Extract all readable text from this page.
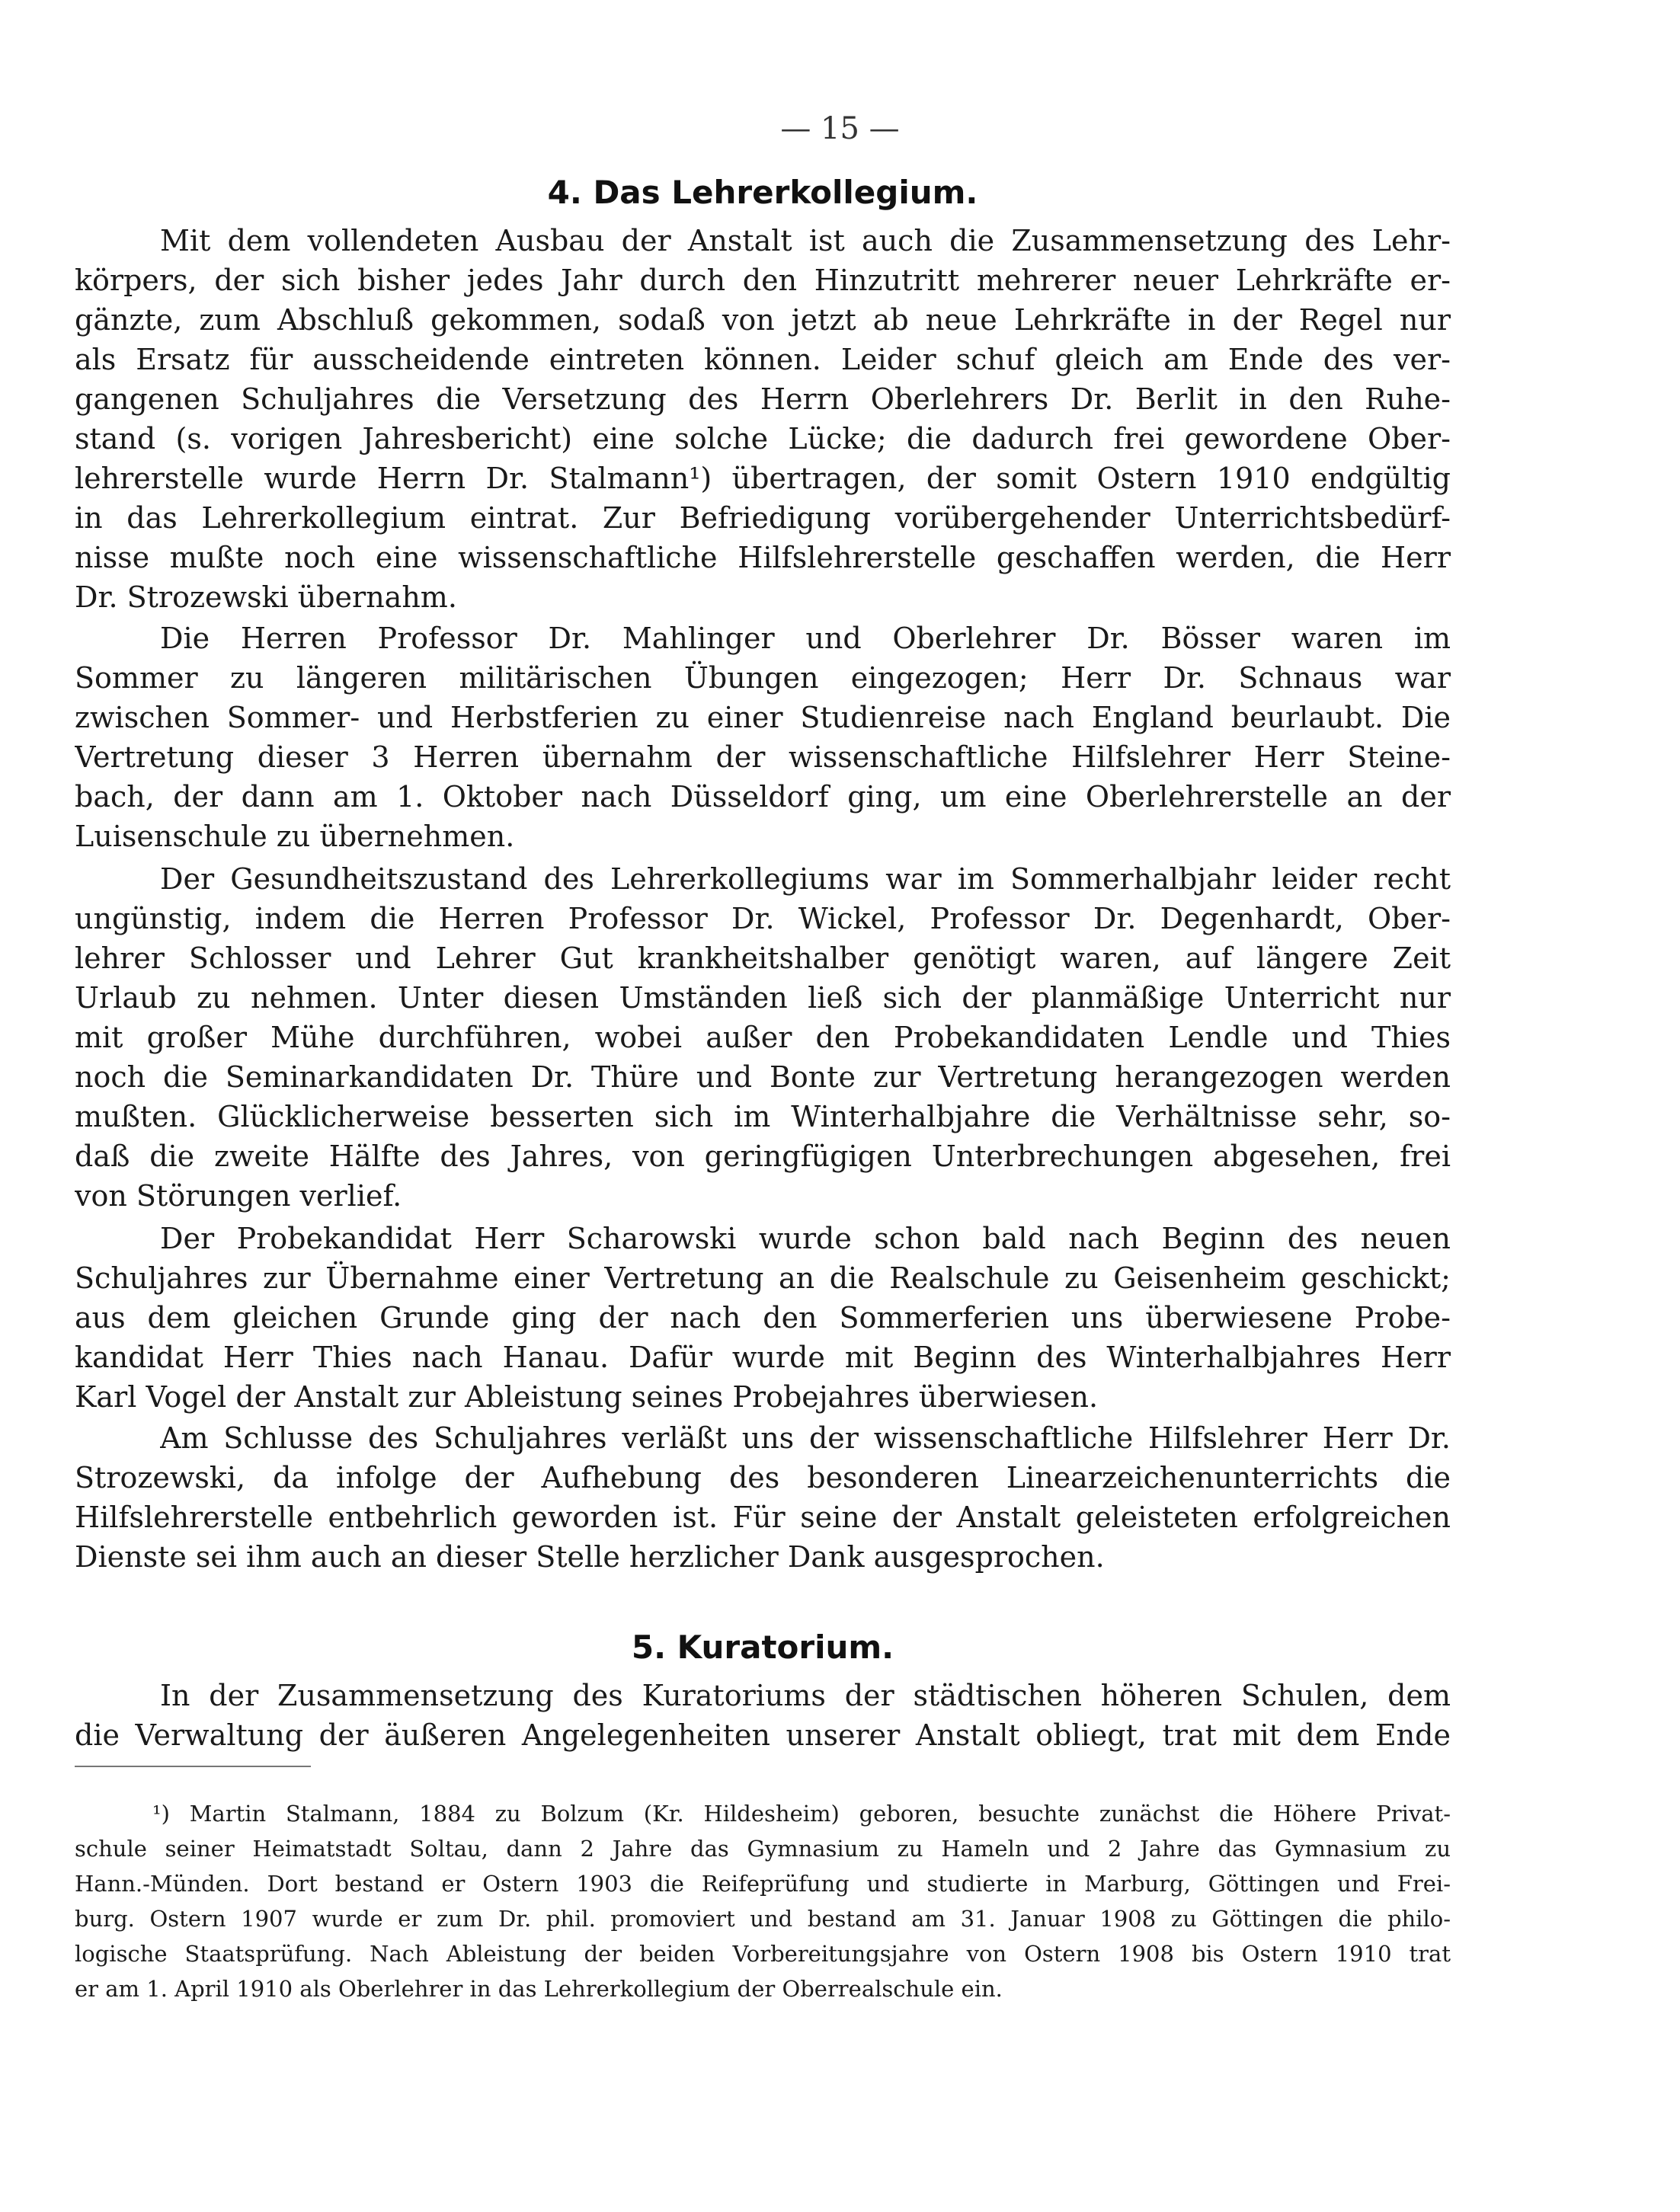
— 15 —
4. Das Lehrerkollegium.
Mit dem vollendeten Ausbau der Anstalt ist auch die Zusammensetzung des Lehr-
körpers, der sich bisher jedes Jahr durch den Hinzutritt mehrerer neuer Lehrkräfte er-
gänzte, zum Abschluß gekommen, sodaß von jetzt ab neue Lehrkräfte in der Regel nur
als Ersatz für ausscheidende eintreten können. Leider schuf gleich am Ende des ver-
gangenen Schuljahres die Versetzung des Herrn Oberlehrers Dr. Berlit in den Ruhe-
stand (s. vorigen Jahresbericht) eine solche Lücke; die dadurch frei gewordene Ober-
lehrerstelle wurde Herrn Dr. Stalmann¹) übertragen, der somit Ostern 1910 endgültig
in das Lehrerkollegium eintrat. Zur Befriedigung vorübergehender Unterrichtsbedürf-
nisse mußte noch eine wissenschaftliche Hilfslehrerstelle geschaffen werden, die Herr
Dr. Strozewski übernahm.
Die Herren Professor Dr. Mahlinger und Oberlehrer Dr. Bösser waren im
Sommer zu längeren militärischen Übungen eingezogen; Herr Dr. Schnaus war
zwischen Sommer- und Herbstferien zu einer Studienreise nach England beurlaubt. Die
Vertretung dieser 3 Herren übernahm der wissenschaftliche Hilfslehrer Herr Steine-
bach, der dann am 1. Oktober nach Düsseldorf ging, um eine Oberlehrerstelle an der
Luisenschule zu übernehmen.
Der Gesundheitszustand des Lehrerkollegiums war im Sommerhalbjahr leider recht
ungünstig, indem die Herren Professor Dr. Wickel, Professor Dr. Degenhardt, Ober-
lehrer Schlosser und Lehrer Gut krankheitshalber genötigt waren, auf längere Zeit
Urlaub zu nehmen. Unter diesen Umständen ließ sich der planmäßige Unterricht nur
mit großer Mühe durchführen, wobei außer den Probekandidaten Lendle und Thies
noch die Seminarkandidaten Dr. Thüre und Bonte zur Vertretung herangezogen werden
mußten. Glücklicherweise besserten sich im Winterhalbjahre die Verhältnisse sehr, so-
daß die zweite Hälfte des Jahres, von geringfügigen Unterbrechungen abgesehen, frei
von Störungen verlief.
Der Probekandidat Herr Scharowski wurde schon bald nach Beginn des neuen
Schuljahres zur Übernahme einer Vertretung an die Realschule zu Geisenheim geschickt;
aus dem gleichen Grunde ging der nach den Sommerferien uns überwiesene Probe-
kandidat Herr Thies nach Hanau. Dafür wurde mit Beginn des Winterhalbjahres Herr
Karl Vogel der Anstalt zur Ableistung seines Probejahres überwiesen.
Am Schlusse des Schuljahres verläßt uns der wissenschaftliche Hilfslehrer Herr Dr.
Strozewski, da infolge der Aufhebung des besonderen Linearzeichenunterrichts die
Hilfslehrerstelle entbehrlich geworden ist. Für seine der Anstalt geleisteten erfolgreichen
Dienste sei ihm auch an dieser Stelle herzlicher Dank ausgesprochen.
5. Kuratorium.
In der Zusammensetzung des Kuratoriums der städtischen höheren Schulen, dem
die Verwaltung der äußeren Angelegenheiten unserer Anstalt obliegt, trat mit dem Ende
¹) Martin Stalmann, 1884 zu Bolzum (Kr. Hildesheim) geboren, besuchte zunächst die Höhere Privat-
schule seiner Heimatstadt Soltau, dann 2 Jahre das Gymnasium zu Hameln und 2 Jahre das Gymnasium zu
Hann.-Münden. Dort bestand er Ostern 1903 die Reifeprüfung und studierte in Marburg, Göttingen und Frei-
burg. Ostern 1907 wurde er zum Dr. phil. promoviert und bestand am 31. Januar 1908 zu Göttingen die philo-
logische Staatsprüfung. Nach Ableistung der beiden Vorbereitungsjahre von Ostern 1908 bis Ostern 1910 trat
er am 1. April 1910 als Oberlehrer in das Lehrerkollegium der Oberrealschule ein.
